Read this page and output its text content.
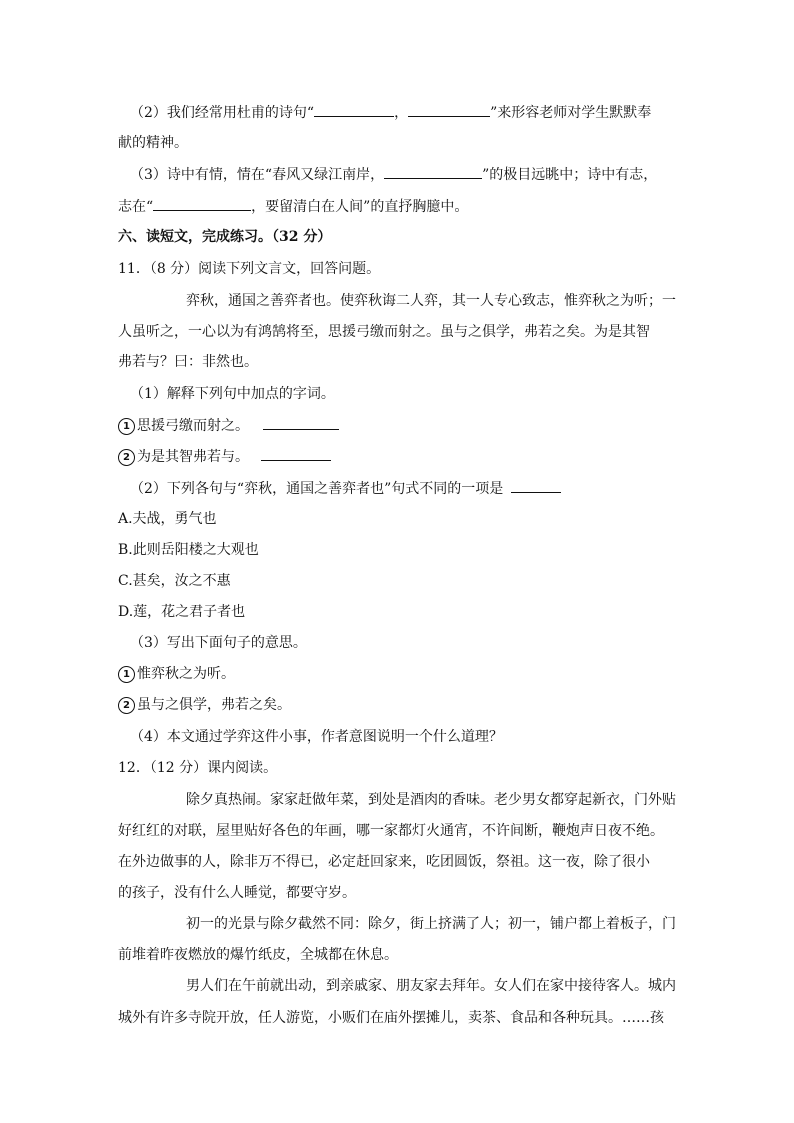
（2）我们经常用杜甫的诗句“	，	”来形容老师对学生默默奉
献的精神。
（3）诗中有情，情在“春风又绿江南岸，	”的极目远眺中；诗中有志，
志在“	，要留清白在人间”的直抒胸臆中。
六、读短文，完成练习。（32 分）
11．（8 分）阅读下列文言文，回答问题。
弈秋，通国之善弈者也。使弈秋诲二人弈，其一人专心致志，惟弈秋之为听；一
人虽听之，一心以为有鸿鹄将至，思援弓缴而射之。虽与之俱学，弗若之矣。为是其智
弗若与？曰：非然也。
（1）解释下列句中加点的字词。
1 思援弓缴而射之。
2 为是其智弗若与。
（2）下列各句与“弈秋，通国之善弈者也”句式不同的一项是
A.夫战，勇气也
B.此则岳阳楼之大观也
C.甚矣，汝之不惠
D.莲，花之君子者也
（3）写出下面句子的意思。
1 惟弈秋之为听。
2 虽与之俱学，弗若之矣。
（4）本文通过学弈这件小事，作者意图说明一个什么道理？
12．（12 分）课内阅读。
除夕真热闹。家家赶做年菜，到处是酒肉的香味。老少男女都穿起新衣，门外贴
好红红的对联，屋里贴好各色的年画，哪一家都灯火通宵，不许间断，鞭炮声日夜不绝。
在外边做事的人，除非万不得已，必定赶回家来，吃团圆饭，祭祖。这一夜，除了很小
的孩子，没有什么人睡觉，都要守岁。
初一的光景与除夕截然不同：除夕，街上挤满了人；初一，铺户都上着板子，门
前堆着昨夜燃放的爆竹纸皮，全城都在休息。
男人们在午前就出动，到亲戚家、朋友家去拜年。女人们在家中接待客人。城内
城外有许多寺院开放，任人游览，小贩们在庙外摆摊儿，卖茶、食品和各种玩具。……孩
